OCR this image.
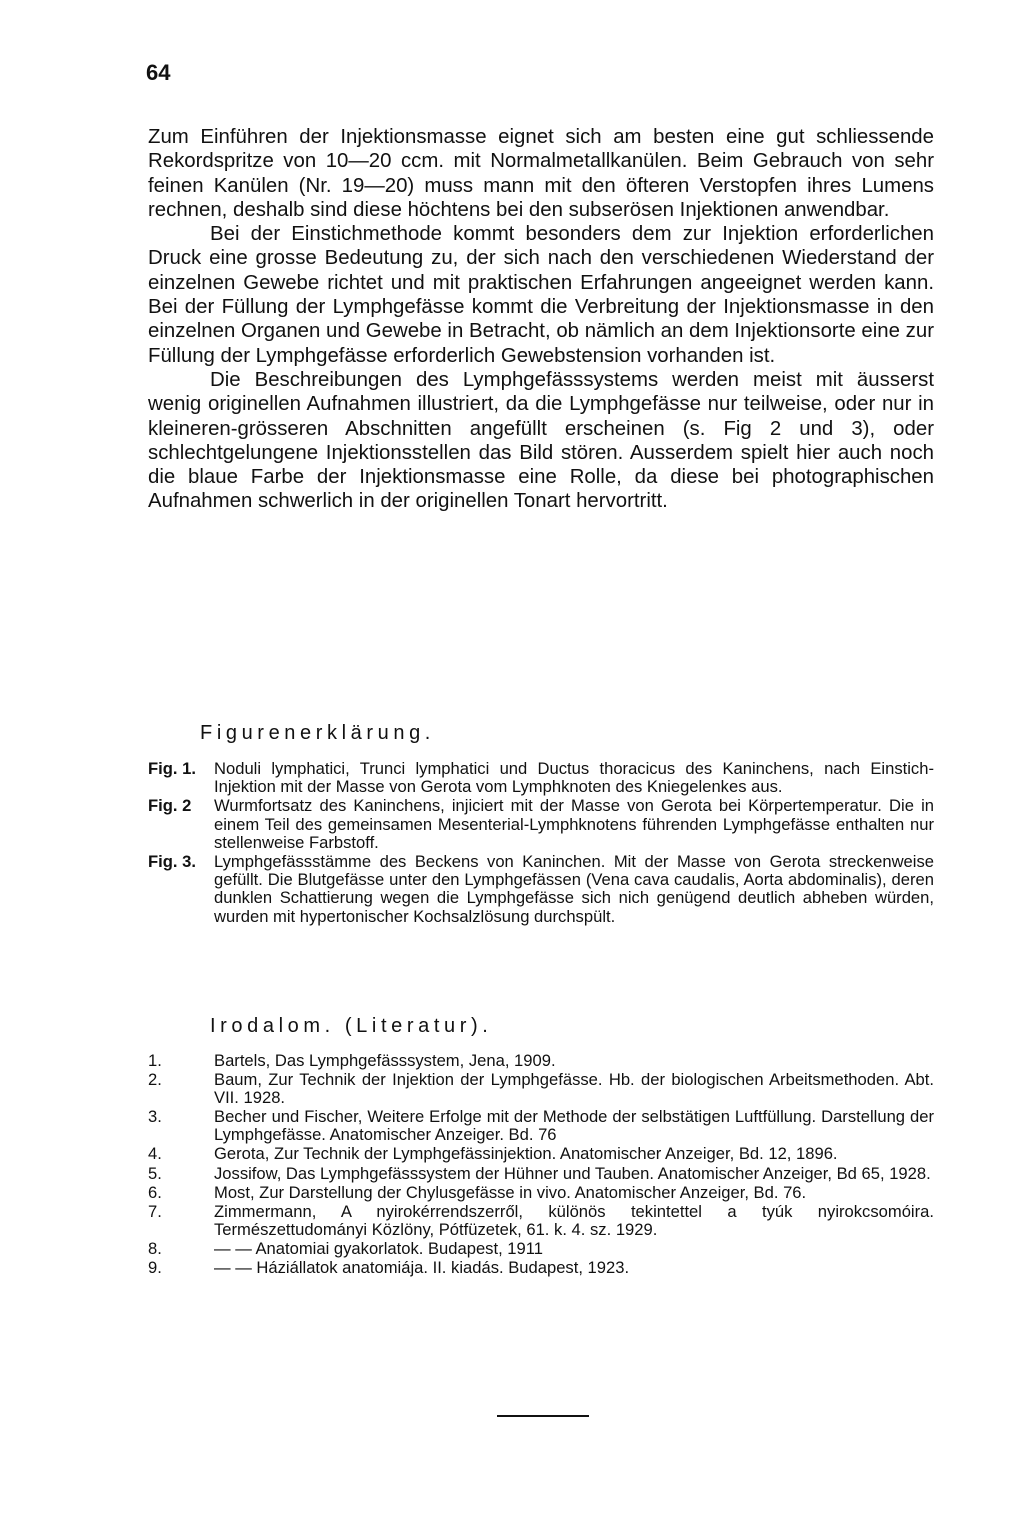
64

Zum Einführen der Injektionsmasse eignet sich am besten eine gut schliessende Rekordspritze von 10—20 ccm. mit Normalmetallkanülen. Beim Gebrauch von sehr feinen Kanülen (Nr. 19—20) muss mann mit den öfteren Verstopfen ihres Lumens rechnen, deshalb sind diese höchtens bei den subserösen Injektionen anwendbar.

Bei der Einstichmethode kommt besonders dem zur Injektion erforderlichen Druck eine grosse Bedeutung zu, der sich nach den verschiedenen Wiederstand der einzelnen Gewebe richtet und mit praktischen Erfahrungen angeeignet werden kann. Bei der Füllung der Lymphgefässe kommt die Verbreitung der Injektionsmasse in den einzelnen Organen und Gewebe in Betracht, ob nämlich an dem Injektionsorte eine zur Füllung der Lymphgefässe erforderlich Gewebstension vorhanden ist.

Die Beschreibungen des Lymphgefässsystems werden meist mit äusserst wenig originellen Aufnahmen illustriert, da die Lymphgefässe nur teilweise, oder nur in kleineren-grösseren Abschnitten angefüllt erscheinen (s. Fig 2 und 3), oder schlechtgelungene Injektionsstellen das Bild stören. Ausserdem spielt hier auch noch die blaue Farbe der Injektionsmasse eine Rolle, da diese bei photographischen Aufnahmen schwerlich in der originellen Tonart hervortritt.

Figurenerklärung.
Fig. 1.	Noduli lymphatici, Trunci lymphatici und Ductus thoracicus des Kaninchens, nach Einstich-Injektion mit der Masse von Gerota vom Lymphknoten des Kniegelenkes aus.
Fig. 2	Wurmfortsatz des Kaninchens, injiciert mit der Masse von Gerota bei Körpertemperatur. Die in einem Teil des gemeinsamen Mesenterial-Lymphknotens führenden Lymphgefässe enthalten nur stellenweise Farbstoff.
Fig. 3.	Lymphgefässstämme des Beckens von Kaninchen. Mit der Masse von Gerota streckenweise gefüllt. Die Blutgefässe unter den Lymphgefässen (Vena cava caudalis, Aorta abdominalis), deren dunklen Schattierung wegen die Lymphgefässe sich nich genügend deutlich abheben würden, wurden mit hypertonischer Kochsalzlösung durchspült.
Irodalom. (Literatur).
1.	Bartels, Das Lymphgefässsystem, Jena, 1909.
2.	Baum, Zur Technik der Injektion der Lymphgefässe. Hb. der biologischen Arbeitsmethoden. Abt. VII. 1928.
3.	Becher und Fischer, Weitere Erfolge mit der Methode der selbstätigen Luftfüllung. Darstellung der Lymphgefässe. Anatomischer Anzeiger. Bd. 76
4.	Gerota, Zur Technik der Lymphgefässinjektion. Anatomischer Anzeiger, Bd. 12, 1896.
5.	Jossifow, Das Lymphgefässsystem der Hühner und Tauben. Anatomischer Anzeiger, Bd 65, 1928.
6.	Most, Zur Darstellung der Chylusgefässe in vivo. Anatomischer Anzeiger, Bd. 76.
7.	Zimmermann, A nyirokérrendszerről, különös tekintettel a tyúk nyirokcsomóira. Természettudományi Közlöny, Pótfüzetek, 61. k. 4. sz. 1929.
8.	— — Anatomiai gyakorlatok. Budapest, 1911
9.	— — Háziállatok anatomiája. II. kiadás. Budapest, 1923.
